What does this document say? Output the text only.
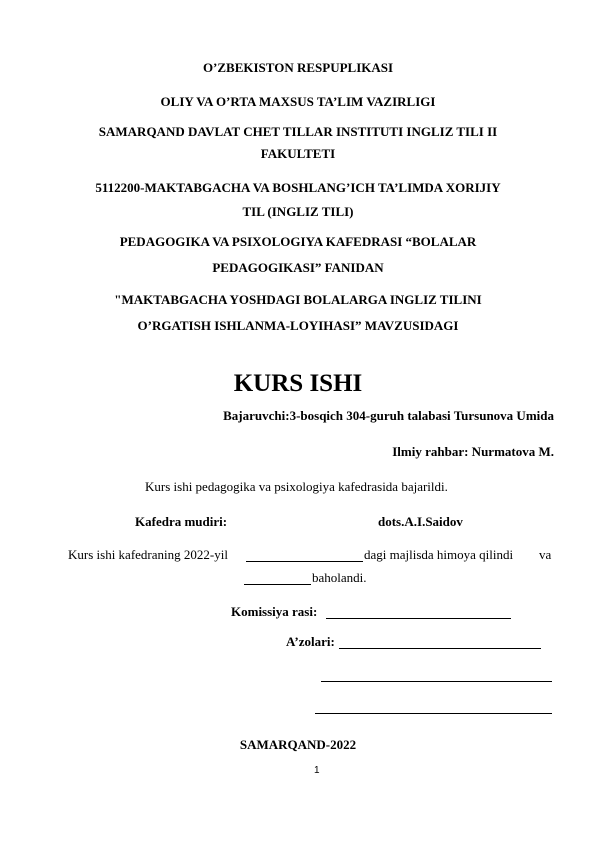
O’ZBEKISTON RESPUPLIKASI
OLIY VA O’RTA MAXSUS TA’LIM VAZIRLIGI
SAMARQAND DAVLAT CHET TILLAR INSTITUTI INGLIZ TILI II
FAKULTETI
5112200-MAKTABGACHA VA BOSHLANG’ICH TA’LIMDA XORIJIY
TIL (INGLIZ TILI)
PEDAGOGIKA VA PSIXOLOGIYA KAFEDRASI “BOLALAR
PEDAGOGIKASI” FANIDAN
"MAKTABGACHA YOSHDAGI BOLALARGA INGLIZ TILINI
O’RGATISH ISHLANMA-LOYIHASI” MAVZUSIDAGI
KURS ISHI
Bajaruvchi:3-bosqich 304-guruh talabasi Tursunova Umida
Ilmiy rahbar: Nurmatova M.
Kurs ishi pedagogika va psixologiya kafedrasida bajarildi.
Kafedra mudiri:	dots.A.I.Saidov
Kurs ishi kafedraning 2022-yil	dagi majlisda himoya qilindi va
baholandi.
Komissiya rasi:
A’zolari:
SAMARQAND-2022
1
